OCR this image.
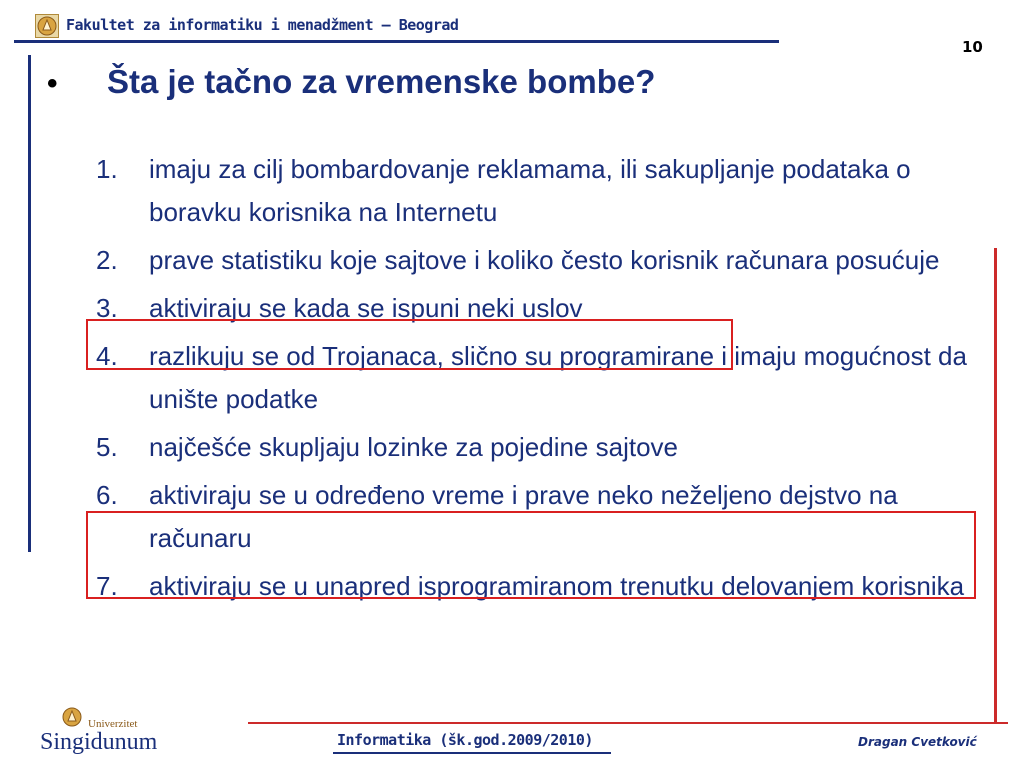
Fakultet za informatiku i menadžment – Beograd
10
• Šta je tačno za vremenske bombe?
1.	imaju za cilj bombardovanje reklamama, ili sakupljanje podataka o boravku korisnika na Internetu
2.	prave statistiku koje sajtove i koliko često korisnik računara posućuje
3.	aktiviraju se kada se ispuni neki uslov
4.	razlikuju se od Trojanaca, slično su programirane i imaju mogućnost da unište podatke
5.	najčešće skupljaju lozinke za pojedine sajtove
6.	aktiviraju se u određeno vreme i prave neko neželjeno dejstvo na računaru
7.	aktiviraju se u unapred isprogramiranom trenutku delovanjem korisnika
Univerzitet
Singidunum	Informatika (šk.god.2009/2010)	Dragan Cvetković
